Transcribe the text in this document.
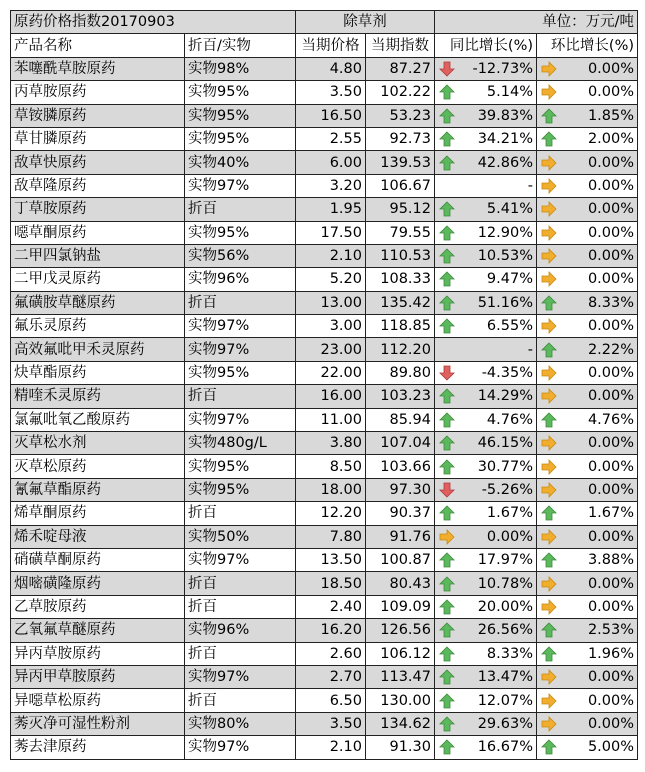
原药价格指数20170903		除草剂		单位：万元/吨	
产品名称	折百/实物	当期价格	当期指数	同比增长(%)	环比增长(%)
苯噻酰草胺原药	实物98%	4.80	87.27	-12.73%	0.00%

丙草胺原药	实物95%	3.50	102.22	5.14%	0.00%

草铵膦原药	实物95%	16.50	53.23	39.83%	1.85%

草甘膦原药	实物95%	2.55	92.73	34.21%	2.00%

敌草快原药	实物40%	6.00	139.53	42.86%	0.00%

敌草隆原药	实物97%	3.20	106.67	-	0.00%

丁草胺原药	折百	1.95	95.12	5.41%	0.00%

噁草酮原药	实物95%	17.50	79.55	12.90%	0.00%

二甲四氯钠盐	实物56%	2.10	110.53	10.53%	0.00%

二甲戊灵原药	实物96%	5.20	108.33	9.47%	0.00%

氟磺胺草醚原药	折百	13.00	135.42	51.16%	8.33%

氟乐灵原药	实物97%	3.00	118.85	6.55%	0.00%

高效氟吡甲禾灵原药	实物97%	23.00	112.20	-	2.22%

炔草酯原药	实物95%	22.00	89.80	-4.35%	0.00%

精喹禾灵原药	折百	16.00	103.23	14.29%	0.00%

氯氟吡氧乙酸原药	实物97%	11.00	85.94	4.76%	4.76%

灭草松水剂	实物480g/L	3.80	107.04	46.15%	0.00%

灭草松原药	实物95%	8.50	103.66	30.77%	0.00%

氰氟草酯原药	实物95%	18.00	97.30	-5.26%	0.00%

烯草酮原药	折百	12.20	90.37	1.67%	1.67%

烯禾啶母液	实物50%	7.80	91.76	0.00%	0.00%

硝磺草酮原药	实物97%	13.50	100.87	17.97%	3.88%

烟嘧磺隆原药	折百	18.50	80.43	10.78%	0.00%

乙草胺原药	折百	2.40	109.09	20.00%	0.00%

乙氧氟草醚原药	实物96%	16.20	126.56	26.56%	2.53%

异丙草胺原药	折百	2.60	106.12	8.33%	1.96%

异丙甲草胺原药	实物97%	2.70	113.47	13.47%	0.00%

异噁草松原药	折百	6.50	130.00	12.07%	0.00%

莠灭净可湿性粉剂	实物80%	3.50	134.62	29.63%	0.00%

莠去津原药	实物97%	2.10	91.30	16.67%	5.00%
